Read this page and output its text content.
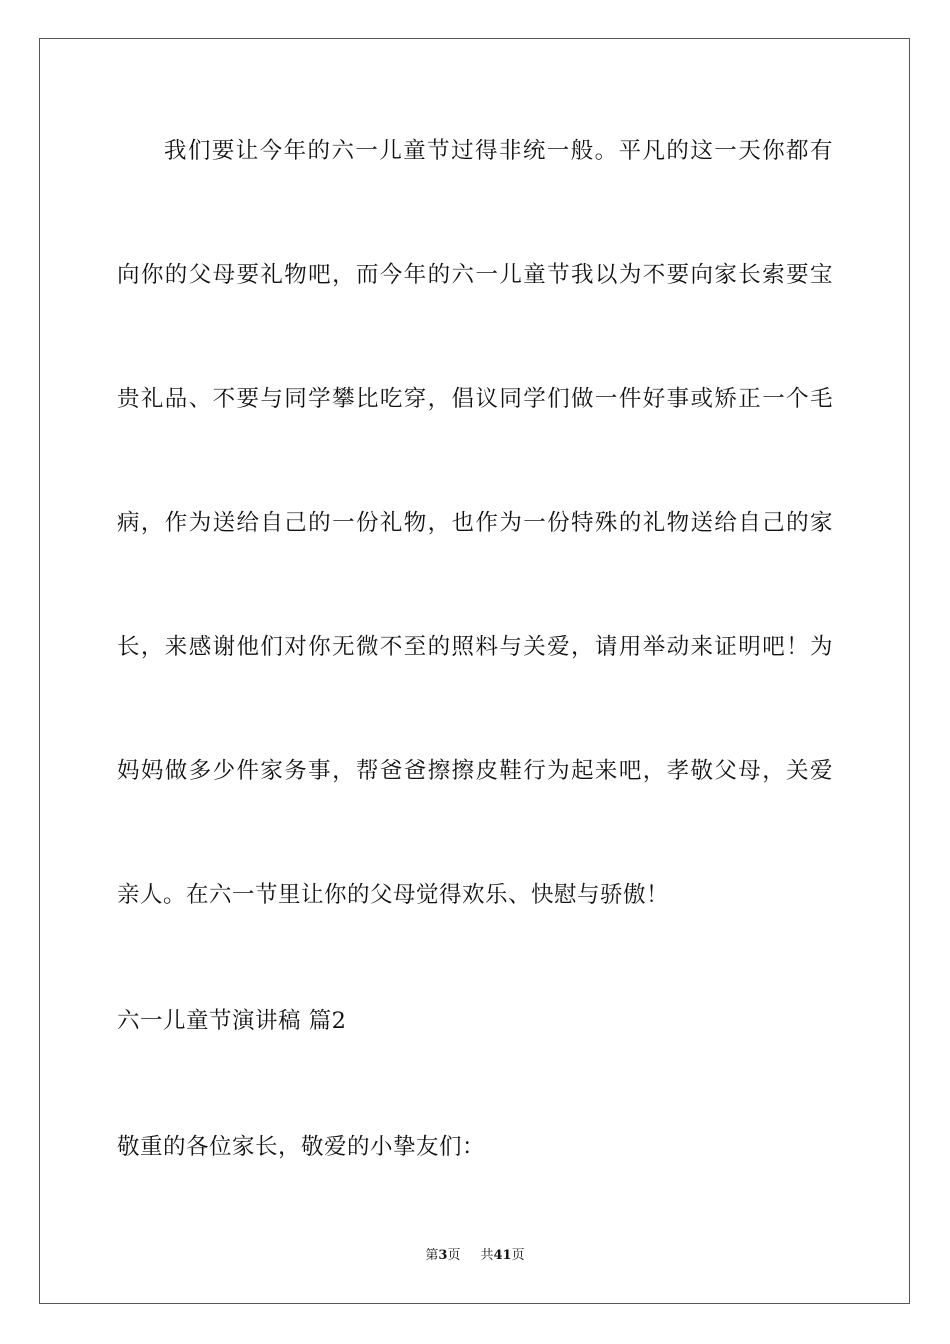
我们要让今年的六一儿童节过得非统一般。平凡的这一天你都有
向你的父母要礼物吧，而今年的六一儿童节我以为不要向家长索要宝
贵礼品、不要与同学攀比吃穿，倡议同学们做一件好事或矫正一个毛
病，作为送给自己的一份礼物，也作为一份特殊的礼物送给自己的家
长，来感谢他们对你无微不至的照料与关爱，请用举动来证明吧！为
妈妈做多少件家务事，帮爸爸擦擦皮鞋行为起来吧，孝敬父母，关爱
亲人。在六一节里让你的父母觉得欢乐、快慰与骄傲！
六一儿童节演讲稿 篇2
敬重的各位家长，敬爱的小挚友们：
第3页 共41页
